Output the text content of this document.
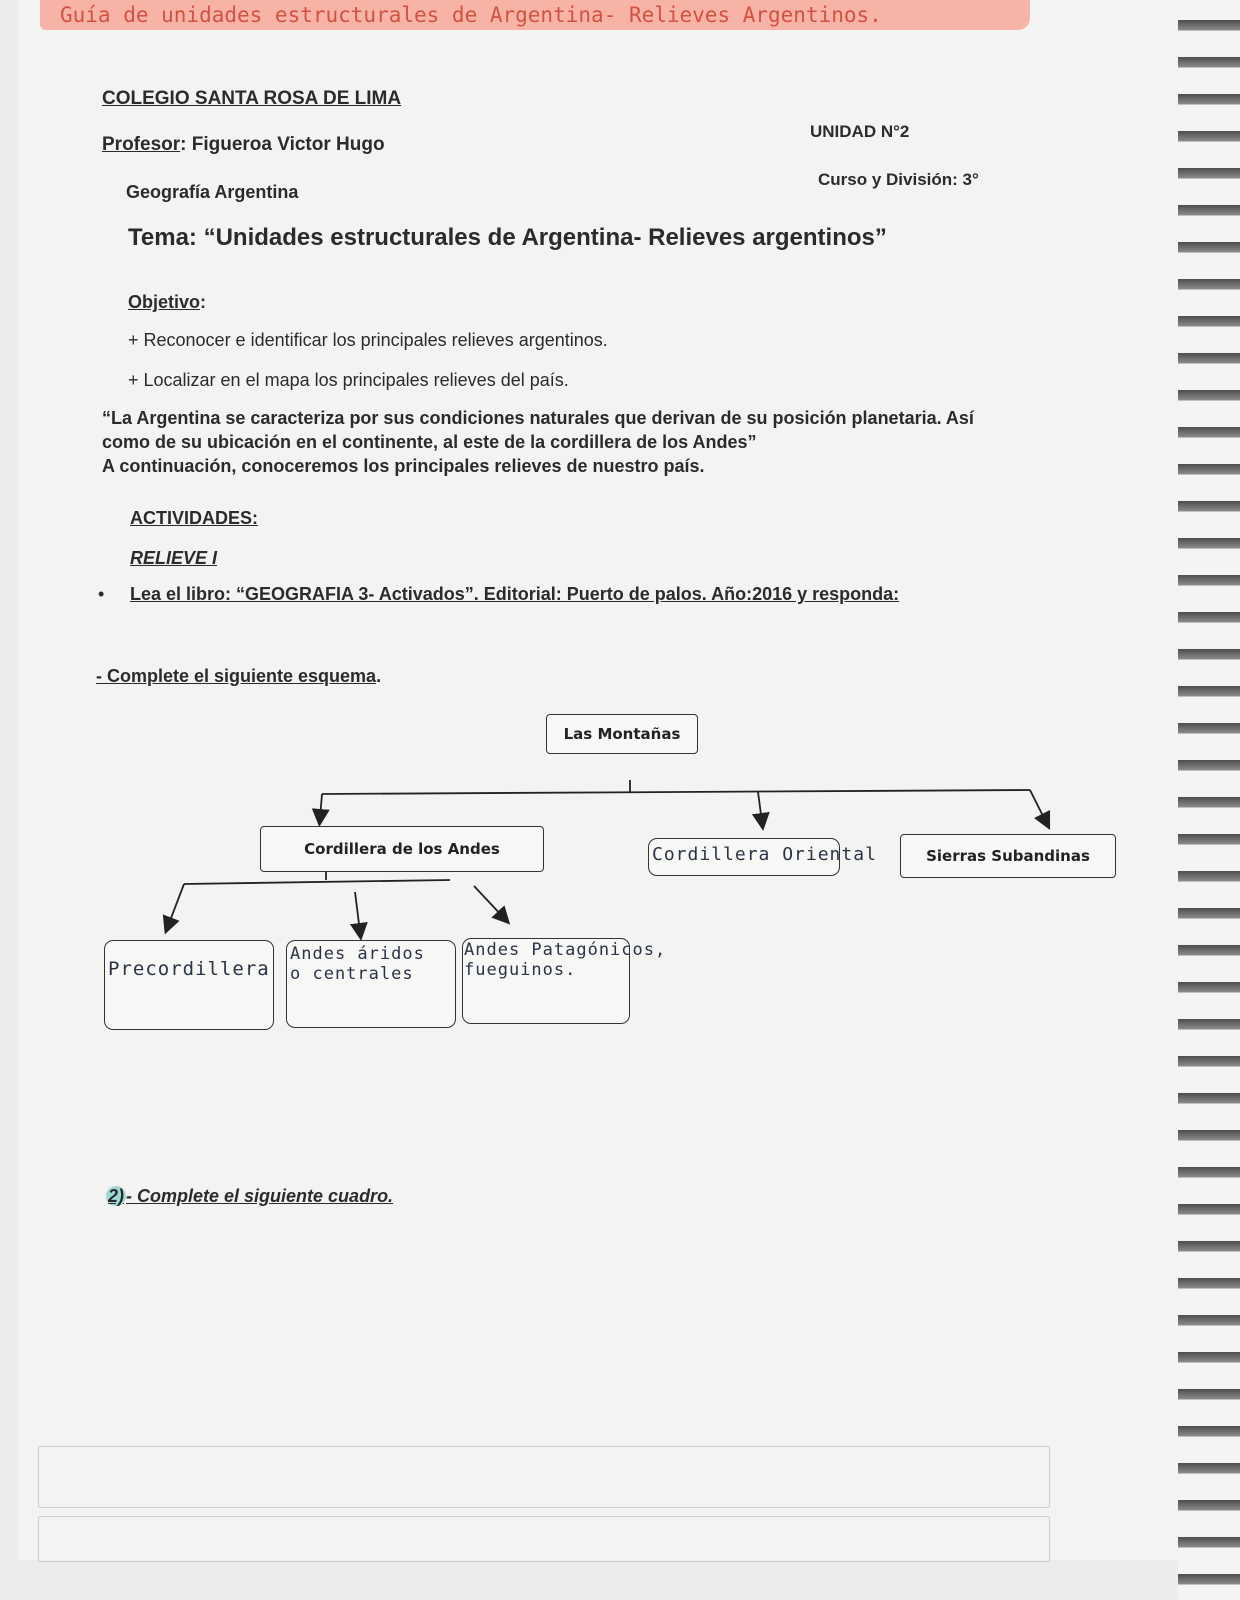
Guía de unidades estructurales de Argentina- Relieves Argentinos.
COLEGIO SANTA ROSA DE LIMA
Profesor: Figueroa Victor Hugo
UNIDAD N°2
Geografía Argentina
Curso y División: 3°
Tema: “Unidades estructurales de Argentina- Relieves argentinos”
Objetivo:
+ Reconocer e identificar los principales relieves argentinos.
+ Localizar en el mapa los principales relieves del país.
“La Argentina se caracteriza por sus condiciones naturales que derivan de su posición planetaria. Así
como de su ubicación en el continente, al este de la cordillera de los Andes”
A continuación, conoceremos los principales relieves de nuestro país.
ACTIVIDADES:
RELIEVE I
• Lea el libro: “GEOGRAFIA 3- Activados”. Editorial: Puerto de palos. Año:2016 y responda:
- Complete el siguiente esquema.
Las Montañas
Cordillera de los Andes	Cordillera Oriental	Sierras Subandinas
Precordillera
Andes áridos
o centrales
Andes Patagónicos,
fueguinos.
2) - Complete el siguiente cuadro.
